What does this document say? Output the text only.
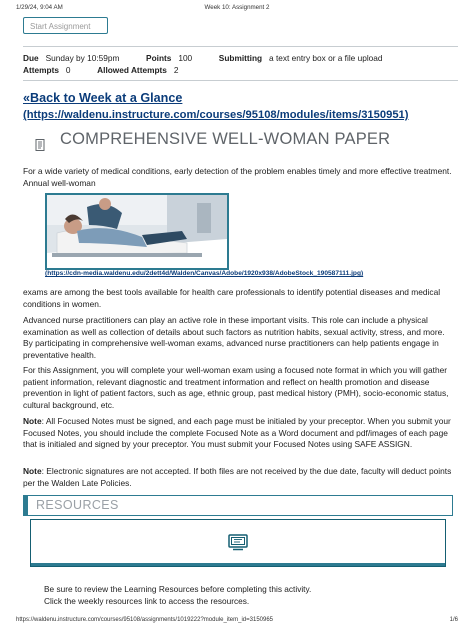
1/29/24, 9:04 AM	Week 10: Assignment 2
Start Assignment
Due Sunday by 10:59pm	Points 100	Submitting a text entry box or a file upload
Attempts 0	Allowed Attempts 2
«Back to Week at a Glance
(https://waldenu.instructure.com/courses/95108/modules/items/3150951)
COMPREHENSIVE WELL-WOMAN PAPER
For a wide variety of medical conditions, early detection of the problem enables timely and more effective treatment. Annual well-woman
(https://cdn-media.waldenu.edu/2dett4d/Walden/Canvas/Adobe/1920x938/AdobeStock_190587111.jpg)
exams are among the best tools available for health care professionals to identify potential diseases and medical conditions in women.
Advanced nurse practitioners can play an active role in these important visits. This role can include a physical examination as well as collection of details about such factors as nutrition habits, sexual activity, stress, and more. By participating in comprehensive well-woman exams, advanced nurse practitioners can help patients engage in preventative health.
For this Assignment, you will complete your well-woman exam using a focused note format in which you will gather patient information, relevant diagnostic and treatment information and reflect on health promotion and disease prevention in light of patient factors, such as age, ethnic group, past medical history (PMH), socio-economic status, cultural background, etc.
Note: All Focused Notes must be signed, and each page must be initialed by your preceptor. When you submit your Focused Notes, you should include the complete Focused Note as a Word document and pdf/images of each page that is initialed and signed by your preceptor. You must submit your Focused Notes using SAFE ASSIGN.
Note: Electronic signatures are not accepted. If both files are not received by the due date, faculty will deduct points per the Walden Late Policies.
RESOURCES
Be sure to review the Learning Resources before completing this activity.
Click the weekly resources link to access the resources.
https://waldenu.instructure.com/courses/95108/assignments/1019222?module_item_id=3150965	1/6
